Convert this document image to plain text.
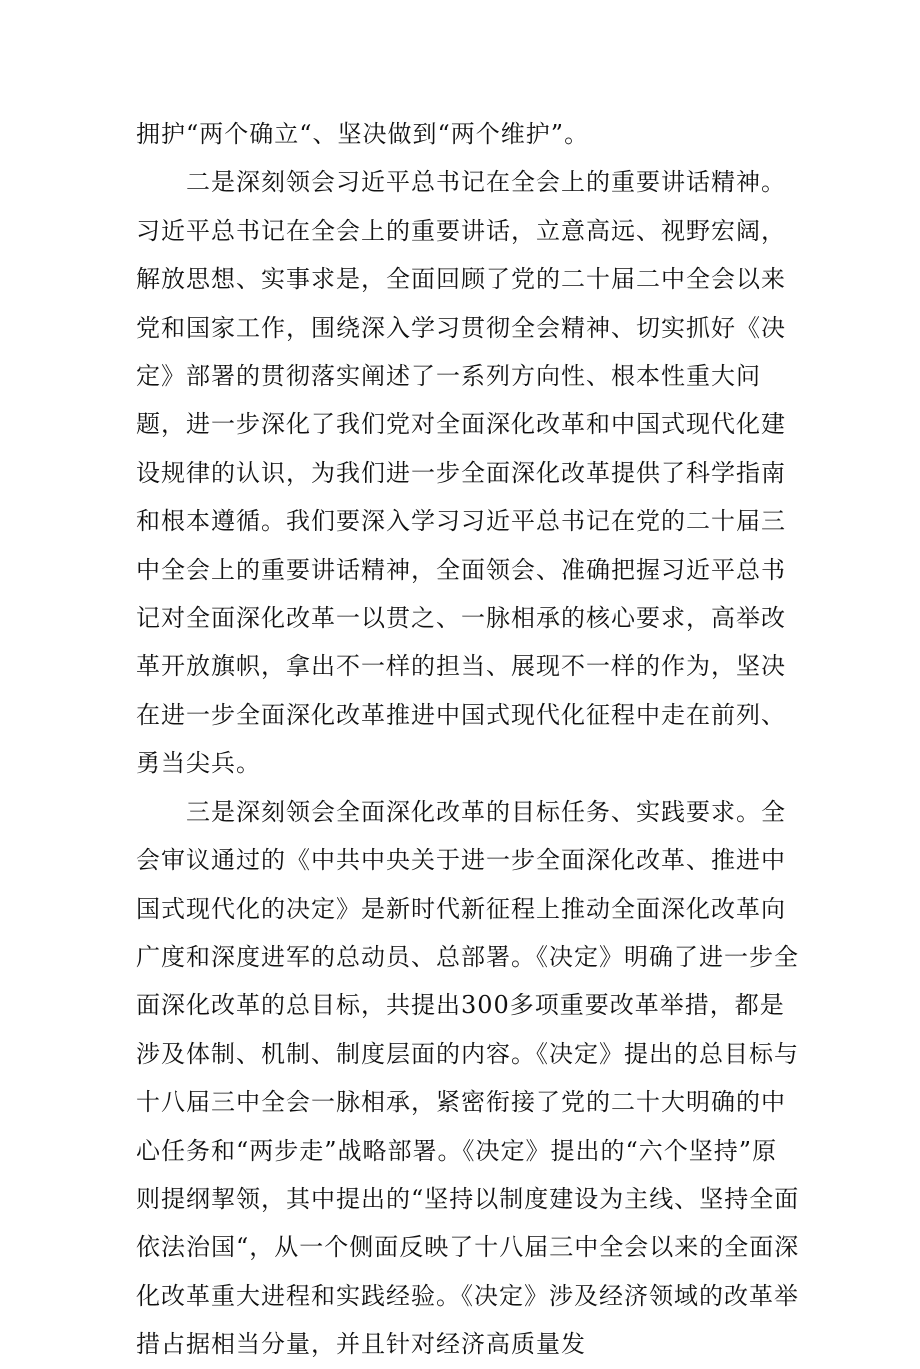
拥护“两个确立“、坚决做到“两个维护”。

二是深刻领会习近平总书记在全会上的重要讲话精神。习近平总书记在全会上的重要讲话，立意高远、视野宏阔，解放思想、实事求是，全面回顾了党的二十届二中全会以来党和国家工作，围绕深入学习贯彻全会精神、切实抓好《决定》部署的贯彻落实阐述了一系列方向性、根本性重大问题，进一步深化了我们党对全面深化改革和中国式现代化建设规律的认识，为我们进一步全面深化改革提供了科学指南和根本遵循。我们要深入学习习近平总书记在党的二十届三中全会上的重要讲话精神，全面领会、准确把握习近平总书记对全面深化改革一以贯之、一脉相承的核心要求，高举改革开放旗帜，拿出不一样的担当、展现不一样的作为，坚决在进一步全面深化改革推进中国式现代化征程中走在前列、勇当尖兵。

三是深刻领会全面深化改革的目标任务、实践要求。全会审议通过的《中共中央关于进一步全面深化改革、推进中国式现代化的决定》是新时代新征程上推动全面深化改革向广度和深度进军的总动员、总部署。《决定》明确了进一步全面深化改革的总目标，共提出300多项重要改革举措，都是涉及体制、机制、制度层面的内容。《决定》提出的总目标与十八届三中全会一脉相承，紧密衔接了党的二十大明确的中心任务和“两步走”战略部署。《决定》提出的“六个坚持”原则提纲挈领，其中提出的“坚持以制度建设为主线、坚持全面依法治国“，从一个侧面反映了十八届三中全会以来的全面深化改革重大进程和实践经验。《决定》涉及经济领域的改革举措占据相当分量，并且针对经济高质量发
